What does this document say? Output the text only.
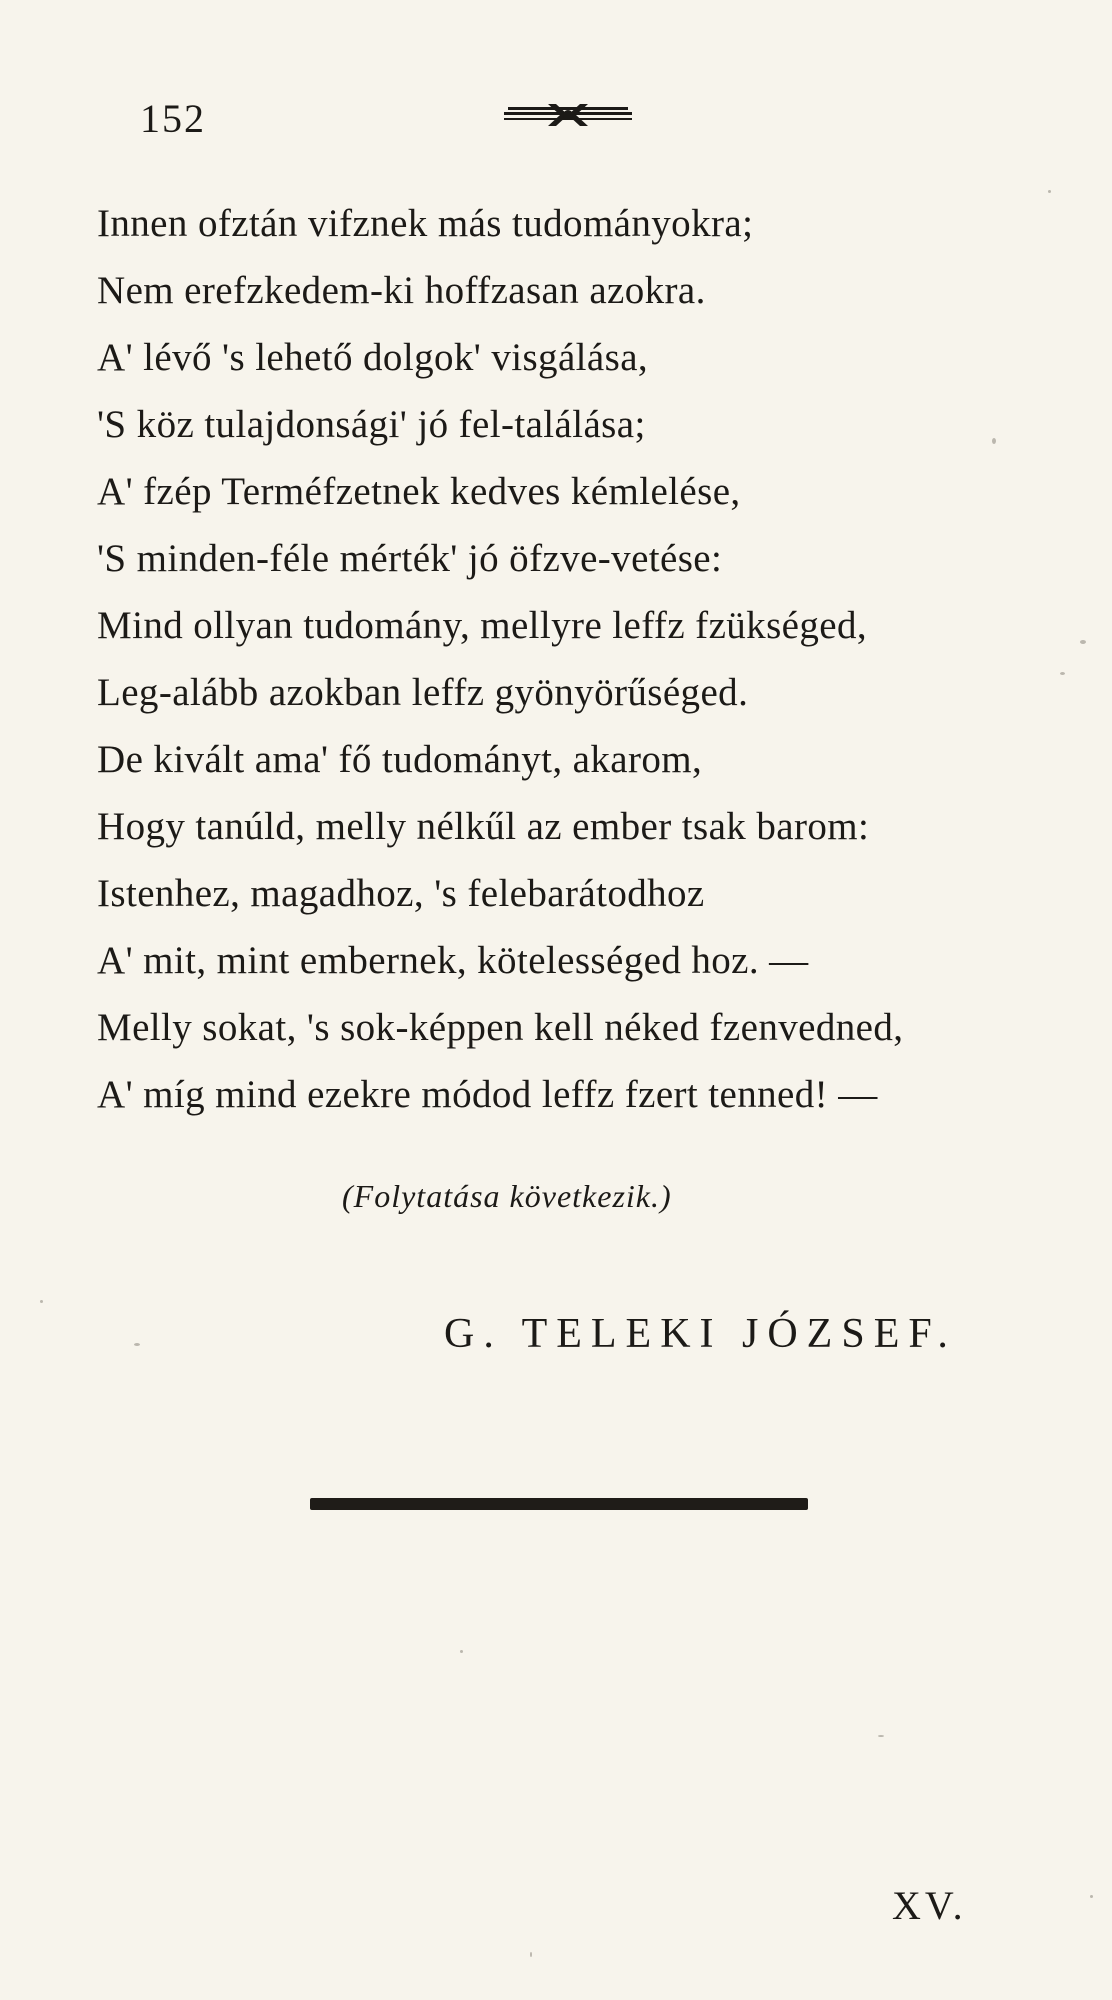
152
Innen ofztán vifznek más tudományokra;
Nem erefzkedem-ki hoffzasan azokra.
A' lévő 's lehető dolgok' visgálása,
'S köz tulajdonsági' jó fel-találása;
A' fzép Terméfzetnek kedves kémlelése,
'S minden-féle mérték' jó öfzve-vetése:
Mind ollyan tudomány, mellyre leffz fzükséged,
Leg-alább azokban leffz gyönyörűséged.
De kivált ama' fő tudományt, akarom,
Hogy tanúld, melly nélkűl az ember tsak barom:
Istenhez, magadhoz, 's felebarátodhoz
A' mit, mint embernek, kötelességed hoz. —
Melly sokat, 's sok-képpen kell néked fzenvedned,
A' míg mind ezekre módod leffz fzert tenned! —
(Folytatása következik.)
G. TELEKI JÓZSEF.
XV.
